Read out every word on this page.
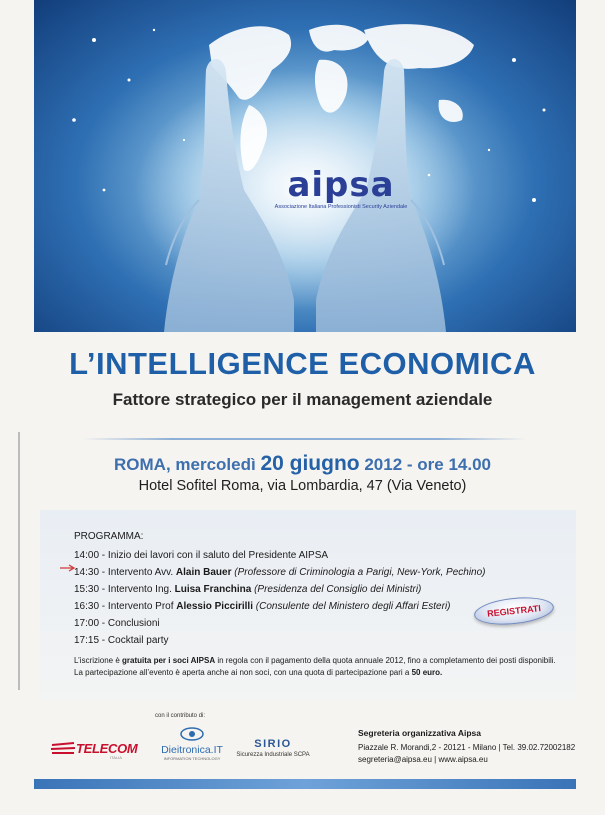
aipsa
Associazione Italiana Professionisti Security Aziendale
L’INTELLIGENCE ECONOMICA
Fattore strategico per il management aziendale
ROMA, mercoledì 20 giugno 2012 - ore 14.00
Hotel Sofitel Roma, via Lombardia, 47 (Via Veneto)
PROGRAMMA:
14:00 - Inizio dei lavori con il saluto del Presidente AIPSA
14:30 - Intervento Avv. Alain Bauer (Professore di Criminologia a Parigi, New-York, Pechino)
15:30 - Intervento Ing. Luisa Franchina (Presidenza del Consiglio dei Ministri)
16:30 - Intervento Prof Alessio Piccirilli (Consulente del Ministero degli Affari Esteri)
17:00 - Conclusioni
17:15 - Cocktail party
REGISTRATI
L’iscrizione è gratuita per i soci AIPSA in regola con il pagamento della quota annuale 2012, fino a completamento dei posti disponibili.
La partecipazione all’evento è aperta anche ai non soci, con una quota di partecipazione pari a 50 euro.
con il contributo di:
TELECOM
ITALIA
Dieitronica.IT
INFORMATION TECHNOLOGY
SIRIO
Sicurezza Industriale SCPA
Segreteria organizzativa Aipsa
Piazzale R. Morandi,2 - 20121 - Milano | Tel. 39.02.72002182
segreteria@aipsa.eu | www.aipsa.eu
